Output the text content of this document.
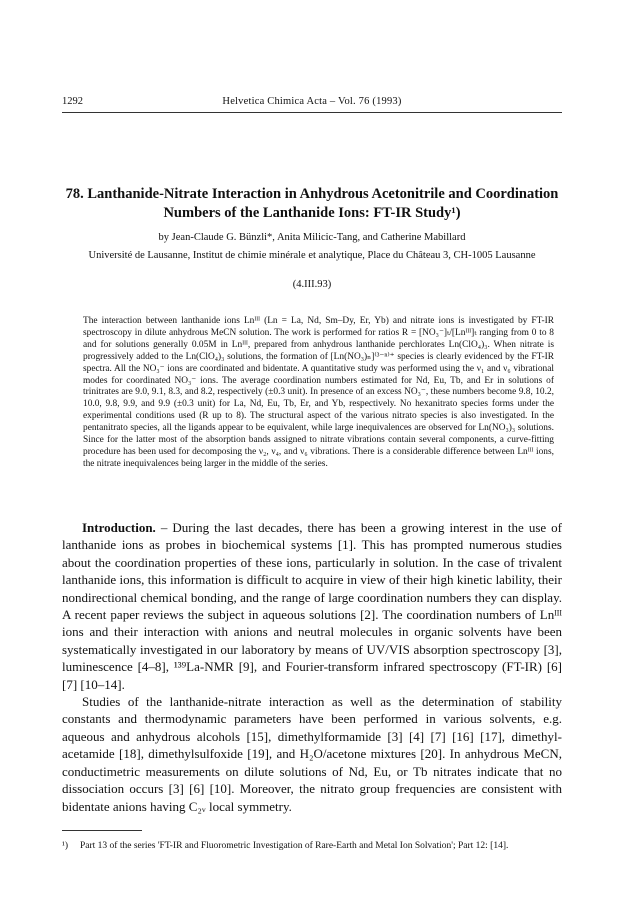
1292	Helvetica Chimica Acta – Vol. 76 (1993)
78. Lanthanide-Nitrate Interaction in Anhydrous Acetonitrile and Coordination Numbers of the Lanthanide Ions: FT-IR Study¹)
by Jean-Claude G. Bünzli*, Anita Milicic-Tang, and Catherine Mabillard
Université de Lausanne, Institut de chimie minérale et analytique, Place du Château 3, CH-1005 Lausanne
(4.III.93)

The interaction between lanthanide ions Lnᴵᴵᴵ (Ln = La, Nd, Sm–Dy, Er, Yb) and nitrate ions is investigated by FT-IR spectroscopy in dilute anhydrous MeCN solution. The work is performed for ratios R = [NO₃⁻]ₜ/[Lnᴵᴵᴵ]ₜ ranging from 0 to 8 and for solutions generally 0.05M in Lnᴵᴵᴵ, prepared from anhydrous lanthanide perchlorates Ln(ClO₄)₃. When nitrate is progressively added to the Ln(ClO₄)₃ solutions, the formation of [Ln(NO₃)ₙ]⁽³⁻ⁿ⁾⁺ species is clearly evidenced by the FT-IR spectra. All the NO₃⁻ ions are coordinated and bidentate. A quantitative study was performed using the ν₁ and ν₆ vibrational modes for coordinated NO₃⁻ ions. The average coordination numbers estimated for Nd, Eu, Tb, and Er in solutions of trinitrates are 9.0, 9.1, 8.3, and 8.2, respectively (±0.3 unit). In presence of an excess NO₃⁻, these numbers become 9.8, 10.2, 10.0, 9.8, 9.9, and 9.9 (±0.3 unit) for La, Nd, Eu, Tb, Er, and Yb, respectively. No hexanitrato species forms under the experimental conditions used (R up to 8). The structural aspect of the various nitrato species is also investigated. In the pentanitrato species, all the ligands appear to be equivalent, while large inequivalences are observed for Ln(NO₃)₃ solutions. Since for the latter most of the absorption bands assigned to nitrate vibrations contain several components, a curve-fitting procedure has been used for decomposing the ν₂, ν₄, and ν₆ vibrations. There is a considerable difference between Lnᴵᴵᴵ ions, the nitrate inequivalences being larger in the middle of the series.

Introduction. – During the last decades, there has been a growing interest in the use of lanthanide ions as probes in biochemical systems [1]. This has prompted numerous studies about the coordination properties of these ions, particularly in solution. In the case of trivalent lanthanide ions, this information is difficult to acquire in view of their high kinetic lability, their nondirectional chemical bonding, and the range of large coordination numbers they can display. A recent paper reviews the subject in aqueous solutions [2]. The coordination numbers of Lnᴵᴵᴵ ions and their interaction with anions and neutral molecules in organic solvents have been systematically investigated in our laboratory by means of UV/VIS absorption spectroscopy [3], luminescence [4–8], ¹³⁹La-NMR [9], and Fourier-transform infrared spectroscopy (FT-IR) [6] [7] [10–14].

Studies of the lanthanide-nitrate interaction as well as the determination of stability constants and thermodynamic parameters have been performed in various solvents, e.g. aqueous and anhydrous alcohols [15], dimethylformamide [3] [4] [7] [16] [17], dimethyl-acetamide [18], dimethylsulfoxide [19], and H₂O/acetone mixtures [20]. In anhydrous MeCN, conductimetric measurements on dilute solutions of Nd, Eu, or Tb nitrates indicate that no dissociation occurs [3] [6] [10]. Moreover, the nitrato group frequencies are consistent with bidentate anions having C₂ᵥ local symmetry.

¹)	Part 13 of the series 'FT-IR and Fluorometric Investigation of Rare-Earth and Metal Ion Solvation'; Part 12: [14].
